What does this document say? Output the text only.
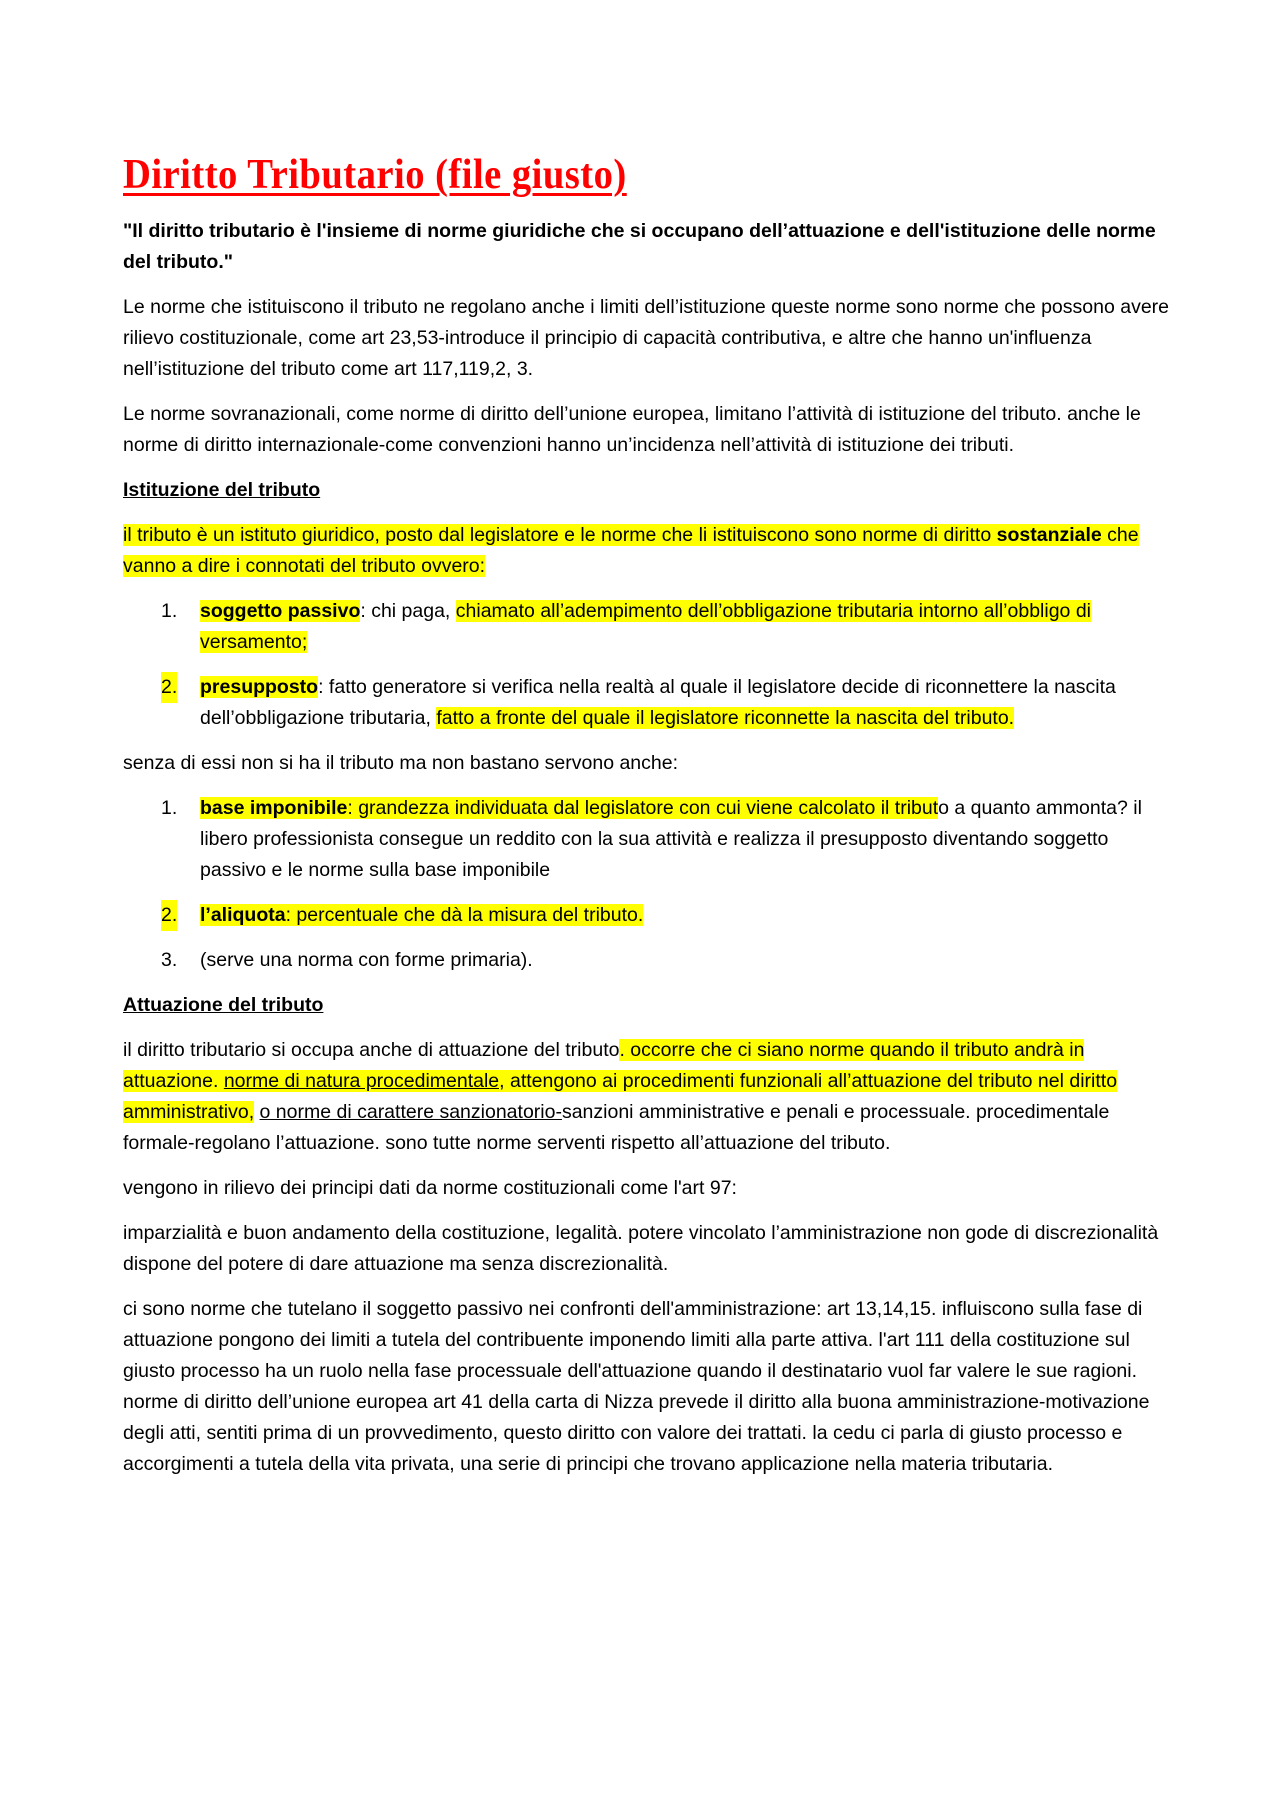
Diritto Tributario (file giusto)

"Il diritto tributario è l'insieme di norme giuridiche che si occupano dell’attuazione e dell'istituzione delle norme del tributo."

Le norme che istituiscono il tributo ne regolano anche i limiti dell’istituzione queste norme sono norme che possono avere rilievo costituzionale, come art 23,53-introduce il principio di capacità contributiva, e altre che hanno un'influenza nell’istituzione del tributo come art 117,119,2, 3.

Le norme sovranazionali, come norme di diritto dell’unione europea, limitano l’attività di istituzione del tributo. anche le norme di diritto internazionale-come convenzioni hanno un’incidenza nell’attività di istituzione dei tributi.

Istituzione del tributo

il tributo è un istituto giuridico, posto dal legislatore e le norme che li istituiscono sono norme di diritto sostanziale che vanno a dire i connotati del tributo ovvero:

1. soggetto passivo: chi paga, chiamato all’adempimento dell’obbligazione tributaria intorno all’obbligo di versamento;
2. presupposto: fatto generatore si verifica nella realtà al quale il legislatore decide di riconnettere la nascita dell’obbligazione tributaria, fatto a fronte del quale il legislatore riconnette la nascita del tributo.

senza di essi non si ha il tributo ma non bastano servono anche:

1. base imponibile: grandezza individuata dal legislatore con cui viene calcolato il tributo a quanto ammonta? il libero professionista consegue un reddito con la sua attività e realizza il presupposto diventando soggetto passivo e le norme sulla base imponibile
2. l’aliquota: percentuale che dà la misura del tributo.
3. (serve una norma con forme primaria).

Attuazione del tributo

il diritto tributario si occupa anche di attuazione del tributo. occorre che ci siano norme quando il tributo andrà in attuazione. norme di natura procedimentale, attengono ai procedimenti funzionali all’attuazione del tributo nel diritto amministrativo, o norme di carattere sanzionatorio-sanzioni amministrative e penali e processuale. procedimentale formale-regolano l’attuazione. sono tutte norme serventi rispetto all’attuazione del tributo.

vengono in rilievo dei principi dati da norme costituzionali come l'art 97:

imparzialità e buon andamento della costituzione, legalità. potere vincolato l’amministrazione non gode di discrezionalità dispone del potere di dare attuazione ma senza discrezionalità.

ci sono norme che tutelano il soggetto passivo nei confronti dell'amministrazione: art 13,14,15. influiscono sulla fase di attuazione pongono dei limiti a tutela del contribuente imponendo limiti alla parte attiva. l'art 111 della costituzione sul giusto processo ha un ruolo nella fase processuale dell'attuazione quando il destinatario vuol far valere le sue ragioni. norme di diritto dell’unione europea art 41 della carta di Nizza prevede il diritto alla buona amministrazione-motivazione degli atti, sentiti prima di un provvedimento, questo diritto con valore dei trattati. la cedu ci parla di giusto processo e accorgimenti a tutela della vita privata, una serie di principi che trovano applicazione nella materia tributaria.
